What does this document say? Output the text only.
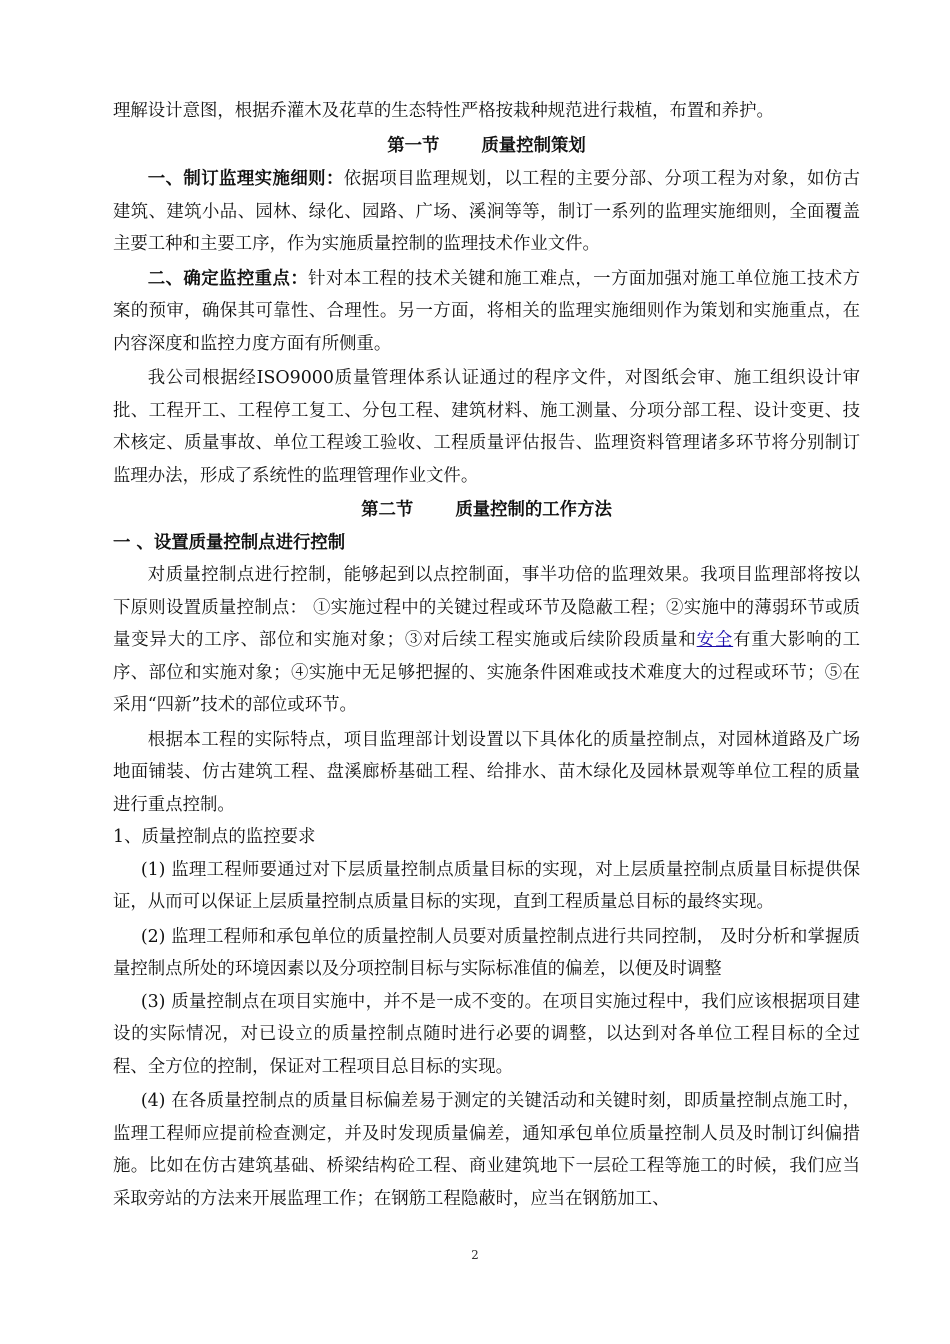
理解设计意图，根据乔灌木及花草的生态特性严格按栽种规范进行栽植，布置和养护。

第一节 质量控制策划

一、制订监理实施细则：依据项目监理规划，以工程的主要分部、分项工程为对象，如仿古建筑、建筑小品、园林、绿化、园路、广场、溪涧等等，制订一系列的监理实施细则，全面覆盖主要工种和主要工序，作为实施质量控制的监理技术作业文件。

二、确定监控重点：针对本工程的技术关键和施工难点，一方面加强对施工单位施工技术方案的预审，确保其可靠性、合理性。另一方面，将相关的监理实施细则作为策划和实施重点，在内容深度和监控力度方面有所侧重。

我公司根据经ISO9000质量管理体系认证通过的程序文件，对图纸会审、施工组织设计审批、工程开工、工程停工复工、分包工程、建筑材料、施工测量、分项分部工程、设计变更、技术核定、质量事故、单位工程竣工验收、工程质量评估报告、监理资料管理诸多环节将分别制订监理办法，形成了系统性的监理管理作业文件。

第二节 质量控制的工作方法

一 、设置质量控制点进行控制

对质量控制点进行控制，能够起到以点控制面，事半功倍的监理效果。我项目监理部将按以下原则设置质量控制点： ①实施过程中的关键过程或环节及隐蔽工程；②实施中的薄弱环节或质量变异大的工序、部位和实施对象；③对后续工程实施或后续阶段质量和安全有重大影响的工序、部位和实施对象；④实施中无足够把握的、实施条件困难或技术难度大的过程或环节；⑤在采用“四新”技术的部位或环节。

根据本工程的实际特点，项目监理部计划设置以下具体化的质量控制点，对园林道路及广场地面铺装、仿古建筑工程、盘溪廊桥基础工程、给排水、苗木绿化及园林景观等单位工程的质量进行重点控制。

1、质量控制点的监控要求

(1) 监理工程师要通过对下层质量控制点质量目标的实现，对上层质量控制点质量目标提供保证，从而可以保证上层质量控制点质量目标的实现，直到工程质量总目标的最终实现。

(2) 监理工程师和承包单位的质量控制人员要对质量控制点进行共同控制， 及时分析和掌握质量控制点所处的环境因素以及分项控制目标与实际标准值的偏差，以便及时调整

(3) 质量控制点在项目实施中，并不是一成不变的。在项目实施过程中，我们应该根据项目建设的实际情况，对已设立的质量控制点随时进行必要的调整，以达到对各单位工程目标的全过程、全方位的控制，保证对工程项目总目标的实现。

(4) 在各质量控制点的质量目标偏差易于测定的关键活动和关键时刻，即质量控制点施工时，监理工程师应提前检查测定，并及时发现质量偏差，通知承包单位质量控制人员及时制订纠偏措施。比如在仿古建筑基础、桥梁结构砼工程、商业建筑地下一层砼工程等施工的时候，我们应当采取旁站的方法来开展监理工作；在钢筋工程隐蔽时，应当在钢筋加工、

2
